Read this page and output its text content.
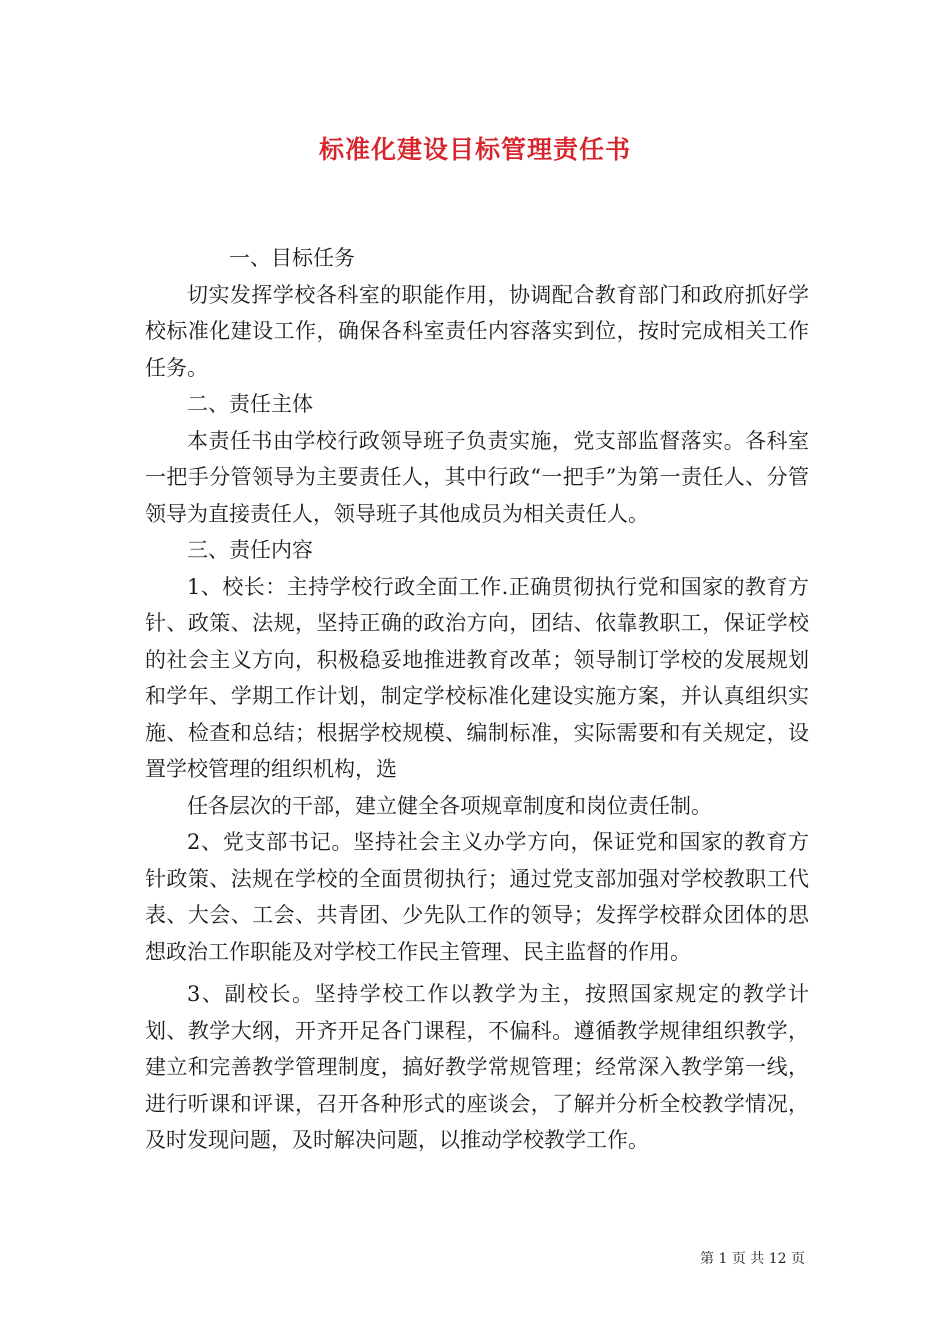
标准化建设目标管理责任书

一、目标任务

切实发挥学校各科室的职能作用，协调配合教育部门和政府抓好学校标准化建设工作，确保各科室责任内容落实到位，按时完成相关工作任务。

二、责任主体

本责任书由学校行政领导班子负责实施，党支部监督落实。各科室一把手分管领导为主要责任人，其中行政“一把手”为第一责任人、分管领导为直接责任人，领导班子其他成员为相关责任人。

三、责任内容

1、校长：主持学校行政全面工作.正确贯彻执行党和国家的教育方针、政策、法规，坚持正确的政治方向，团结、依靠教职工，保证学校的社会主义方向，积极稳妥地推进教育改革；领导制订学校的发展规划和学年、学期工作计划，制定学校标准化建设实施方案，并认真组织实施、检查和总结；根据学校规模、编制标准，实际需要和有关规定，设置学校管理的组织机构，选

任各层次的干部，建立健全各项规章制度和岗位责任制。

2、党支部书记。坚持社会主义办学方向，保证党和国家的教育方针政策、法规在学校的全面贯彻执行；通过党支部加强对学校教职工代表、大会、工会、共青团、少先队工作的领导；发挥学校群众团体的思想政治工作职能及对学校工作民主管理、民主监督的作用。

3、副校长。坚持学校工作以教学为主，按照国家规定的教学计划、教学大纲，开齐开足各门课程，不偏科。遵循教学规律组织教学，建立和完善教学管理制度，搞好教学常规管理；经常深入教学第一线，进行听课和评课，召开各种形式的座谈会，了解并分析全校教学情况，及时发现问题，及时解决问题，以推动学校教学工作。

第 1 页 共 12 页
